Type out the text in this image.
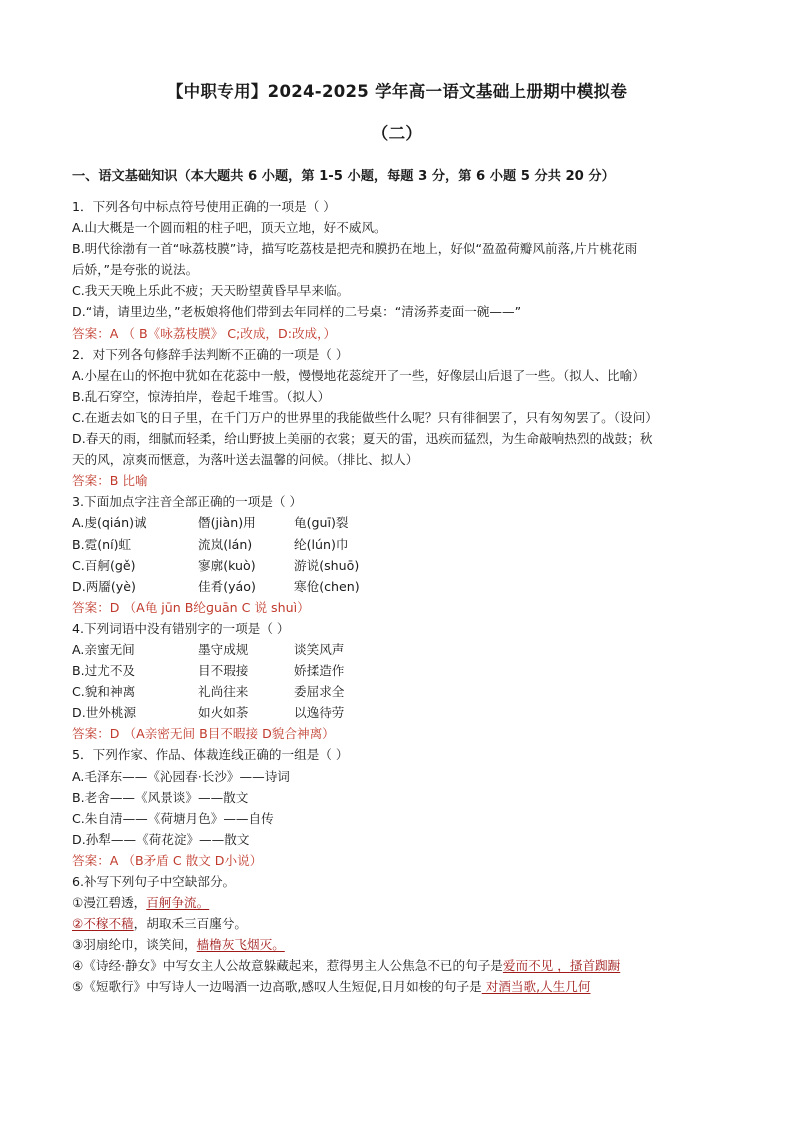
【中职专用】2024-2025 学年高一语文基础上册期中模拟卷
（二）
一、语文基础知识（本大题共 6 小题，第 1-5 小题，每题 3 分，第 6 小题 5 分共 20 分）
1．下列各句中标点符号使用正确的一项是（ ）
A.山大概是一个圆而粗的柱子吧，顶天立地，好不威风。
B.明代徐渤有一首“咏荔枝膜”诗，描写吃荔枝是把壳和膜扔在地上，好似“盈盈荷瓣风前落,片片桃花雨
后娇，”是夸张的说法。
C.我天天晚上乐此不疲；天天盼望黄昏早早来临。
D.“请，请里边坐，”老板娘将他们带到去年同样的二号桌：“清汤荞麦面一碗——”
答案：A （ B《咏荔枝膜》 C;改成，D:改成，）
2．对下列各句修辞手法判断不正确的一项是（ ）
A.小屋在山的怀抱中犹如在花蕊中一般，慢慢地花蕊绽开了一些，好像层山后退了一些。（拟人、比喻）
B.乱石穿空，惊涛拍岸，卷起千堆雪。（拟人）
C.在逝去如飞的日子里，在千门万户的世界里的我能做些什么呢？只有徘徊罢了，只有匆匆罢了。（设问）
D.春天的雨，细腻而轻柔，给山野披上美丽的衣裳；夏天的雷，迅疾而猛烈，为生命敲响热烈的战鼓；秋
天的风，凉爽而惬意，为落叶送去温馨的问候。（排比、拟人）
答案：B 比喻
3.下面加点字注音全部正确的一项是（ ）
A.虔(qián)诚	僭(jiàn)用	龟(guī)裂
B.霓(ní)虹	流岚(lán)	纶(lún)巾
C.百舸(gě)	寥廓(kuò)	游说(shuō)
D.两靥(yè)	佳肴(yáo)	寒伧(chen)
答案：D （A龟 jūn B纶ɡuān C 说 shuì）
4.下列词语中没有错别字的一项是（ ）
A.亲蜜无间	墨守成规	谈笑风声
B.过尤不及	目不瑕接	娇揉造作
C.貌和神离	礼尚往来	委屈求全
D.世外桃源	如火如荼	以逸待劳
答案：D （A亲密无间 B目不暇接 D貌合神离）
5．下列作家、作品、体裁连线正确的一组是（ ）
A.毛泽东——《沁园春·长沙》——诗词
B.老舍——《风景谈》——散文
C.朱自清——《荷塘月色》——自传
D.孙犁——《荷花淀》——散文
答案：A （B矛盾 C 散文 D小说）
6.补写下列句子中空缺部分。
①漫江碧透，百舸争流。
②不稼不穑，胡取禾三百廛兮。
③羽扇纶巾，谈笑间，樯橹灰飞烟灭。
④《诗经·静女》中写女主人公故意躲藏起来，惹得男主人公焦急不已的句子是爱而不见 ，搔首踟蹰
⑤《短歌行》中写诗人一边喝酒一边高歌,感叹人生短促,日月如梭的句子是 对酒当歌,人生几何
